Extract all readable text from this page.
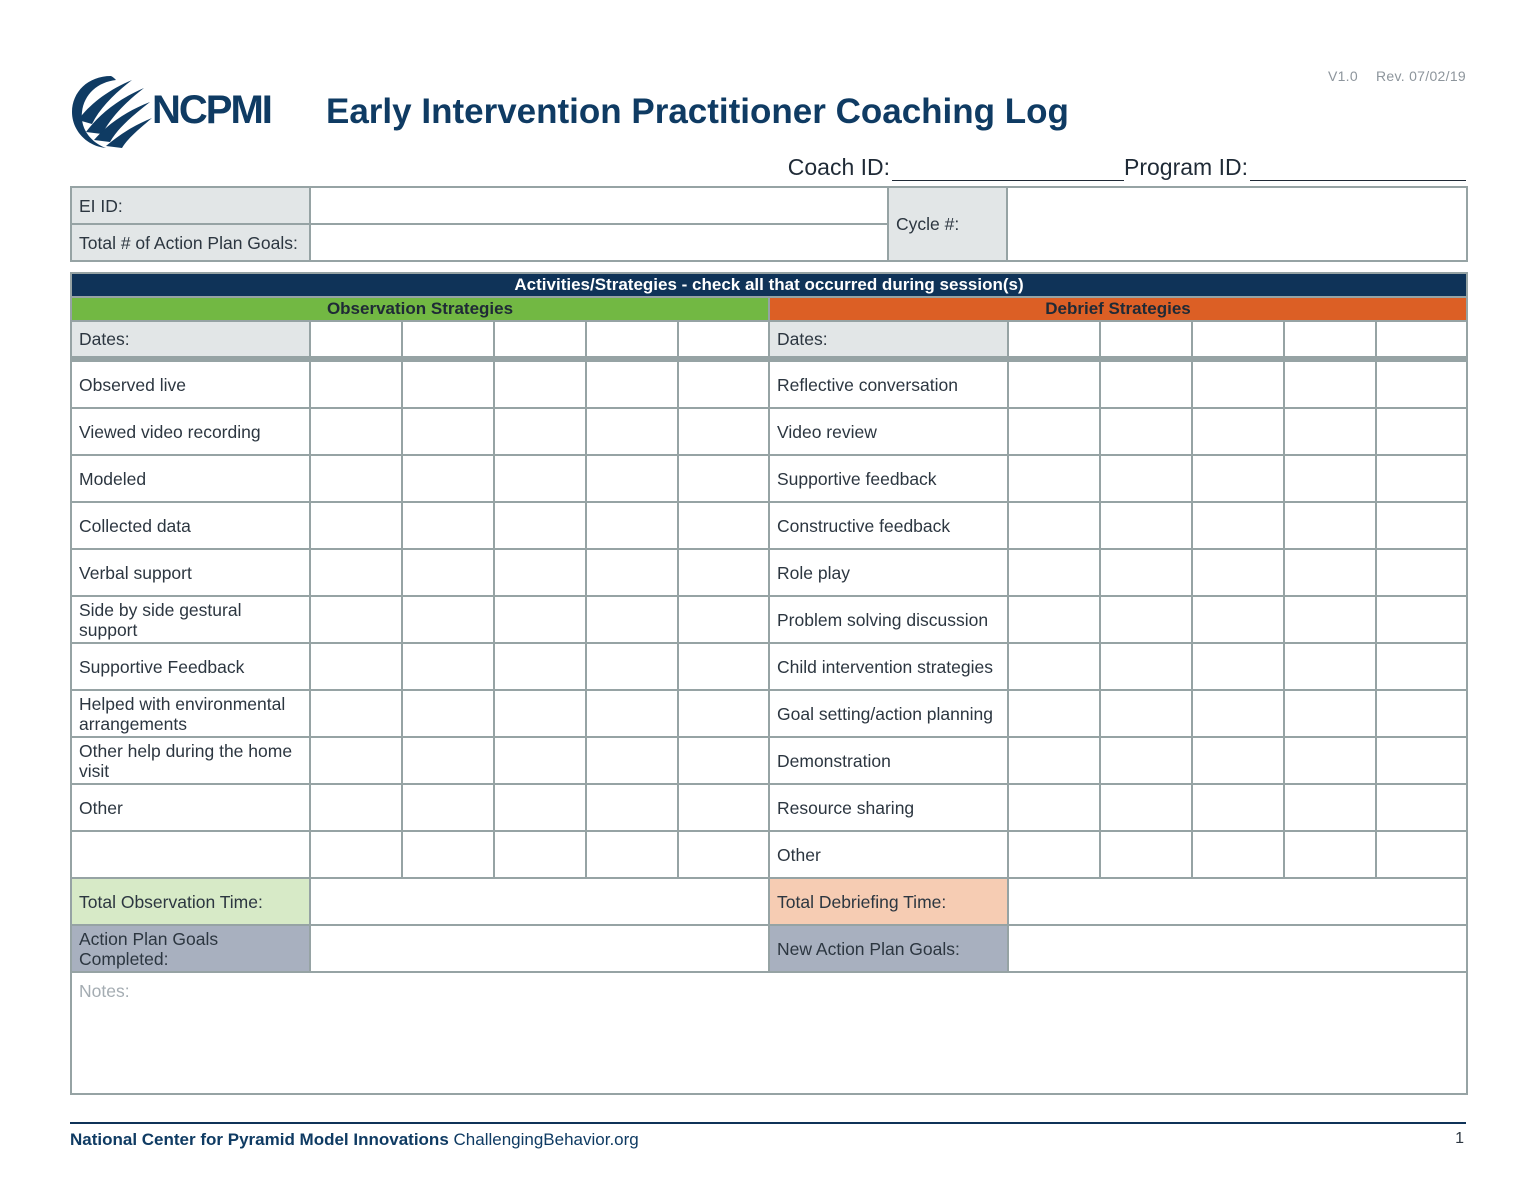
V1.0 Rev. 07/02/19
NCPMI Early Intervention Practitioner Coaching Log
Coach ID:	Program ID:
EI ID:		Cycle #:	
Total # of Action Plan Goals:			
Activities/Strategies - check all that occurred during session(s)											
Observation Strategies						Debrief Strategies					
Dates:						Dates:					
Observed live						Reflective conversation					
Viewed video recording						Video review					
Modeled						Supportive feedback					
Collected data						Constructive feedback					
Verbal support						Role play					
Side by side gestural support						Problem solving discussion					
Supportive Feedback						Child intervention strategies					
Helped with environmental arrangements						Goal setting/action planning					
Other help during the home visit						Demonstration					
Other						Resource sharing					
						Other					
Total Observation Time:						Total Debriefing Time:					
Action Plan Goals Completed:						New Action Plan Goals:					
Notes:											
National Center for Pyramid Model Innovations ChallengingBehavior.org	1
